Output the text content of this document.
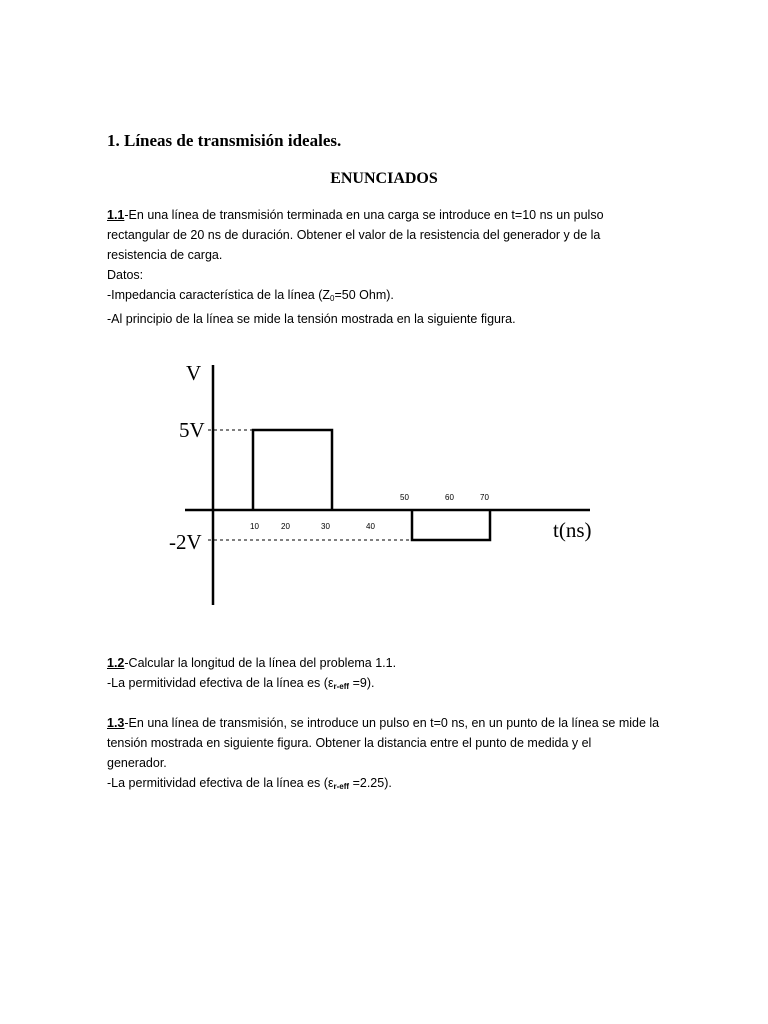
1. Líneas de transmisión ideales.
ENUNCIADOS

1.1-En una línea de transmisión terminada en una carga se introduce en t=10 ns un pulso

rectangular de 20 ns de duración. Obtener el valor de la resistencia del generador y de la

resistencia de carga.

Datos:

-Impedancia característica de la línea ($Z_0=50$ Ohm).

-Al principio de la línea se mide la tensión mostrada en la siguiente figura.

V
5V
-2V	t(ns)
10	20	30	40
50	60	70

1.2-Calcular la longitud de la línea del problema 1.1.

-La permitividad efectiva de la línea es (εr-eff =9).

1.3-En una línea de transmisión, se introduce un pulso en t=0 ns, en un punto de la línea se mide la

tensión mostrada en siguiente figura. Obtener la distancia entre el punto de medida y el

generador.

-La permitividad efectiva de la línea es (εr-eff =2.25).
